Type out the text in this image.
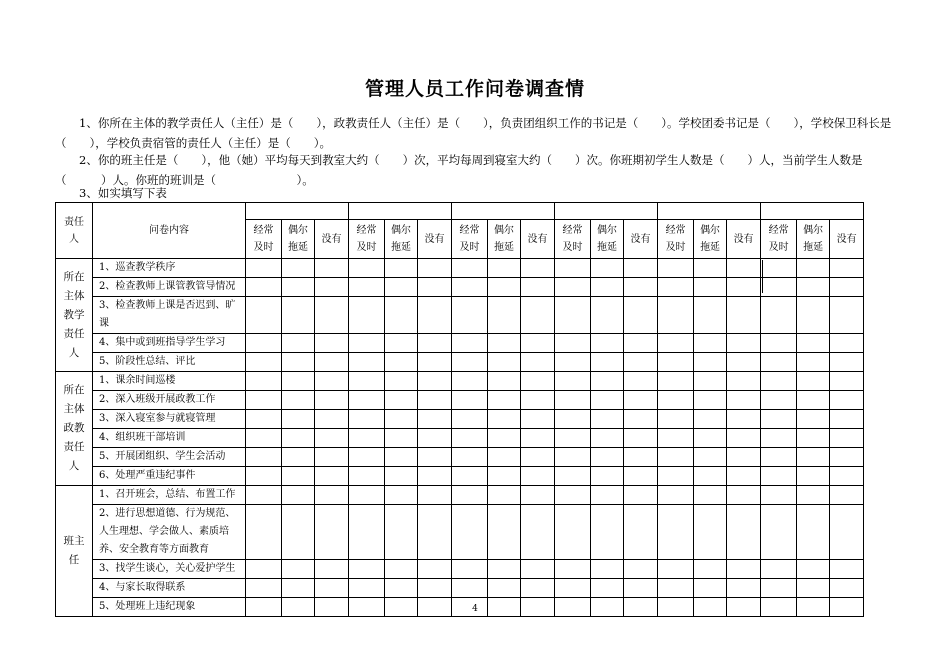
管理人员工作问卷调查情
1、你所在主体的教学责任人（主任）是（　　），政教责任人（主任）是（　　），负责团组织工作的书记是（　　）。学校团委书记是（　　），学校保卫科长是（　　），学校负责宿管的责任人（主任）是（　　）。
2、你的班主任是（　　），他（她）平均每天到教室大约（　　）次，平均每周到寝室大约（　　）次。你班期初学生人数是（　　）人，当前学生人数是（　　　）人。你班的班训是（　　　　　　　）。
3、如实填写下表
责任人	问卷内容																		
		经常及时	偶尔拖延	没有	经常及时	偶尔拖延	没有	经常及时	偶尔拖延	没有	经常及时	偶尔拖延	没有	经常及时	偶尔拖延	没有	经常及时	偶尔拖延	没有
所在主体教学责任人	1、巡查教学秩序																		
	2、检查教师上课管教管导情况																		
	3、检查教师上课是否迟到、旷课																		
	4、集中或到班指导学生学习																		
	5、阶段性总结、评比																		
所在主体政教责任人	1、课余时间巡楼																		
	2、深入班级开展政教工作																		
	3、深入寝室参与就寝管理																		
	4、组织班干部培训																		
	5、开展团组织、学生会活动																		
	6、处理严重违纪事件																		
班主任	1、召开班会，总结、布置工作																		
	2、进行思想道德、行为规范、人生理想、学会做人、素质培养、安全教育等方面教育																		
	3、找学生谈心，关心爱护学生																		
	4、与家长取得联系																		
	5、处理班上违纪现象																			4
